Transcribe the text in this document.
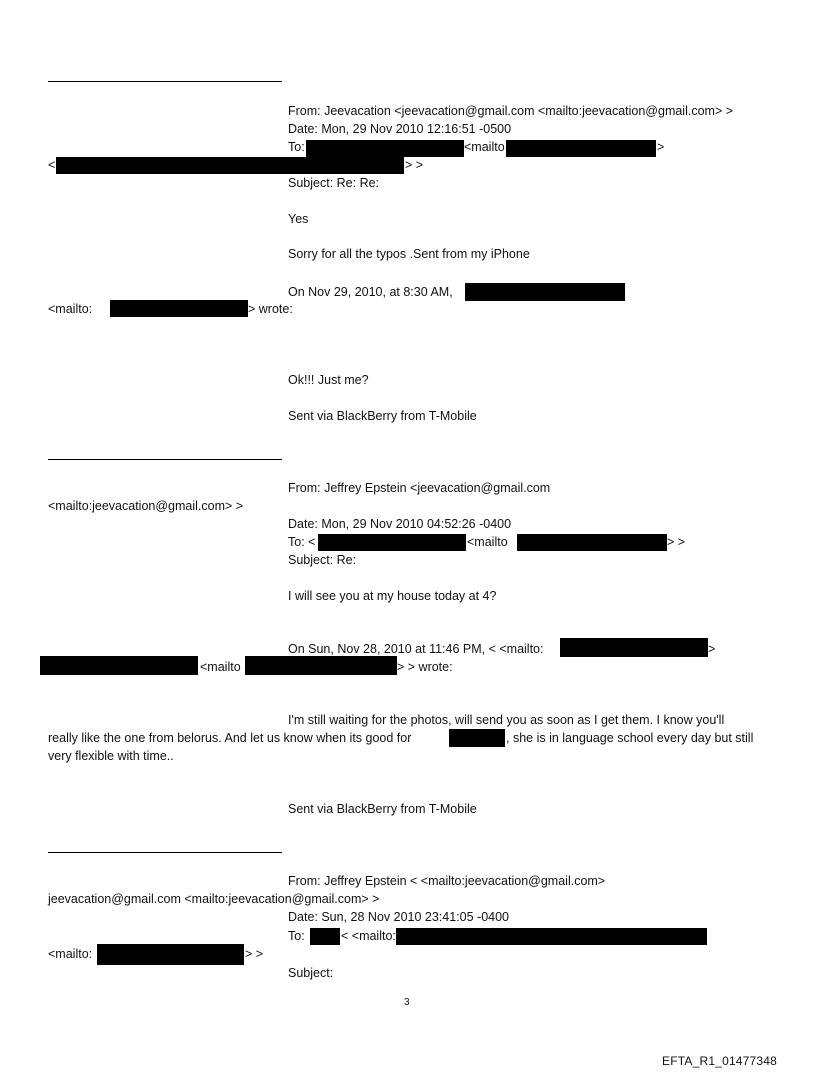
From: Jeevacation <jeevacation@gmail.com <mailto:jeevacation@gmail.com> >
Date: Mon, 29 Nov 2010 12:16:51 -0500
To:	<mailto	>
<	> >
Subject: Re: Re:
Yes
Sorry for all the typos .Sent from my iPhone
On Nov 29, 2010, at 8:30 AM,
<mailto:	> wrote:
Ok!!! Just me?
Sent via BlackBerry from T-Mobile
From: Jeffrey Epstein <jeevacation@gmail.com
<mailto:jeevacation@gmail.com> >
Date: Mon, 29 Nov 2010 04:52:26 -0400
To: <	<mailto	> >
Subject: Re:
I will see you at my house today at 4?
On Sun, Nov 28, 2010 at 11:46 PM, < <mailto:	>
<mailto	> > wrote:
I'm still waiting for the photos, will send you as soon as I get them. I know you'll
really like the one from belorus. And let us know when its good for	, she is in language school every day but still
very flexible with time..
Sent via BlackBerry from T-Mobile
From: Jeffrey Epstein < <mailto:jeevacation@gmail.com>
jeevacation@gmail.com <mailto:jeevacation@gmail.com> >
Date: Sun, 28 Nov 2010 23:41:05 -0400
To:	< <mailto:
<mailto:	> >
Subject:
3
EFTA_R1_01477348
